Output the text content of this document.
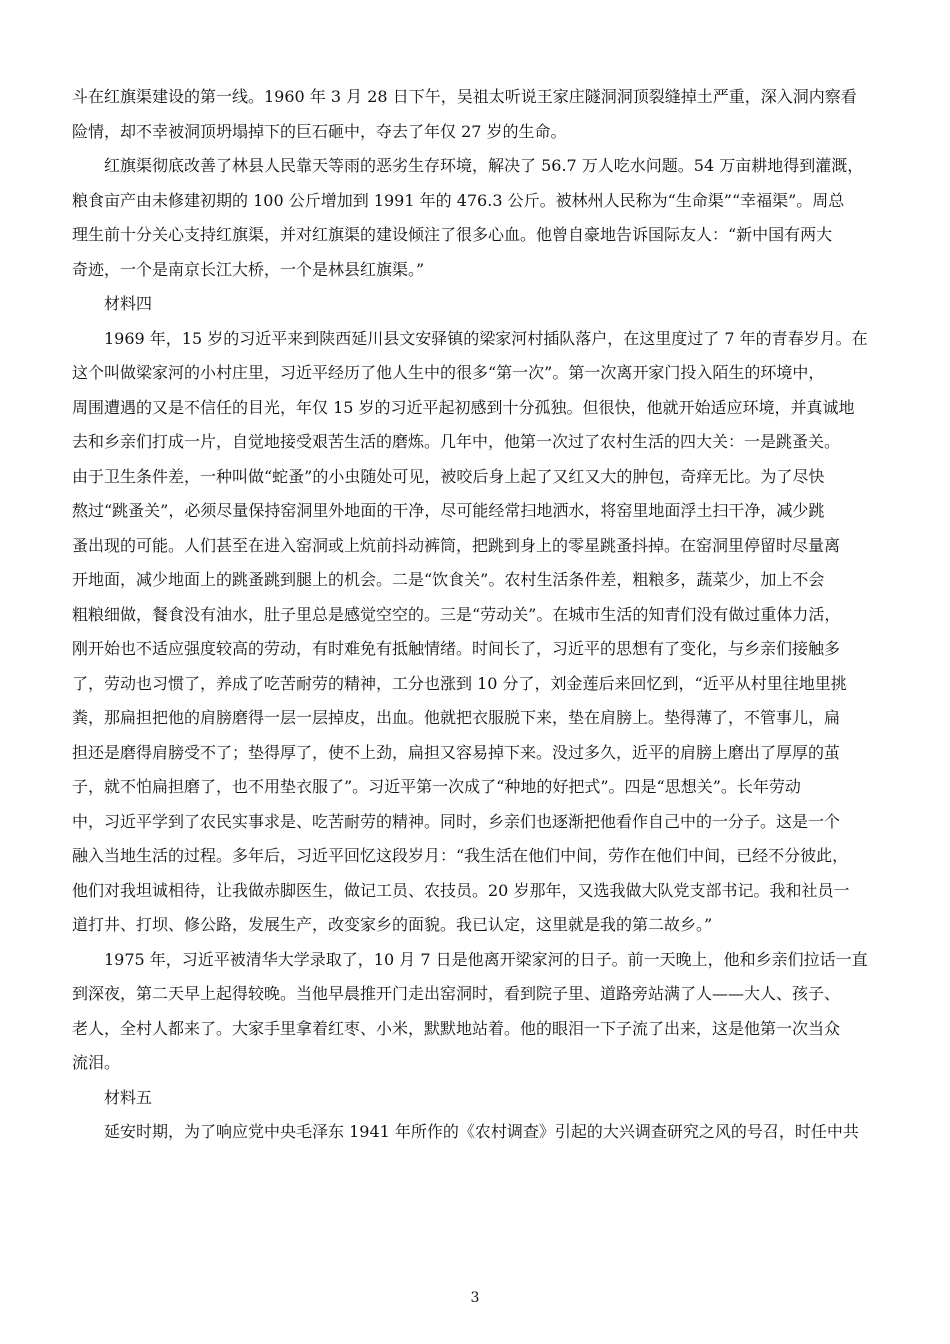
斗在红旗渠建设的第一线。1960 年 3 月 28 日下午，吴祖太听说王家庄隧洞洞顶裂缝掉土严重，深入洞内察看
险情，却不幸被洞顶坍塌掉下的巨石砸中，夺去了年仅 27 岁的生命。
红旗渠彻底改善了林县人民靠天等雨的恶劣生存环境，解决了 56.7 万人吃水问题。54 万亩耕地得到灌溉，
粮食亩产由未修建初期的 100 公斤增加到 1991 年的 476.3 公斤。被林州人民称为“生命渠”“幸福渠”。周总
理生前十分关心支持红旗渠，并对红旗渠的建设倾注了很多心血。他曾自豪地告诉国际友人：“新中国有两大
奇迹，一个是南京长江大桥，一个是林县红旗渠。”
材料四
1969 年，15 岁的习近平来到陕西延川县文安驿镇的梁家河村插队落户，在这里度过了 7 年的青春岁月。在
这个叫做梁家河的小村庄里，习近平经历了他人生中的很多“第一次”。第一次离开家门投入陌生的环境中，
周围遭遇的又是不信任的目光，年仅 15 岁的习近平起初感到十分孤独。但很快，他就开始适应环境，并真诚地
去和乡亲们打成一片，自觉地接受艰苦生活的磨炼。几年中，他第一次过了农村生活的四大关：一是跳蚤关。
由于卫生条件差，一种叫做“蛇蚤”的小虫随处可见，被咬后身上起了又红又大的肿包，奇痒无比。为了尽快
熬过“跳蚤关”，必须尽量保持窑洞里外地面的干净，尽可能经常扫地洒水，将窑里地面浮土扫干净，减少跳
蚤出现的可能。人们甚至在进入窑洞或上炕前抖动裤筒，把跳到身上的零星跳蚤抖掉。在窑洞里停留时尽量离
开地面，减少地面上的跳蚤跳到腿上的机会。二是“饮食关”。农村生活条件差，粗粮多，蔬菜少，加上不会
粗粮细做，餐食没有油水，肚子里总是感觉空空的。三是“劳动关”。在城市生活的知青们没有做过重体力活，
刚开始也不适应强度较高的劳动，有时难免有抵触情绪。时间长了，习近平的思想有了变化，与乡亲们接触多
了，劳动也习惯了，养成了吃苦耐劳的精神，工分也涨到 10 分了，刘金莲后来回忆到，“近平从村里往地里挑
粪，那扁担把他的肩膀磨得一层一层掉皮，出血。他就把衣服脱下来，垫在肩膀上。垫得薄了，不管事儿，扁
担还是磨得肩膀受不了；垫得厚了，使不上劲，扁担又容易掉下来。没过多久，近平的肩膀上磨出了厚厚的茧
子，就不怕扁担磨了，也不用垫衣服了”。习近平第一次成了“种地的好把式”。四是“思想关”。长年劳动
中，习近平学到了农民实事求是、吃苦耐劳的精神。同时，乡亲们也逐渐把他看作自己中的一分子。这是一个
融入当地生活的过程。多年后，习近平回忆这段岁月：“我生活在他们中间，劳作在他们中间，已经不分彼此，
他们对我坦诚相待，让我做赤脚医生，做记工员、农技员。20 岁那年，又选我做大队党支部书记。我和社员一
道打井、打坝、修公路，发展生产，改变家乡的面貌。我已认定，这里就是我的第二故乡。”
1975 年，习近平被清华大学录取了，10 月 7 日是他离开梁家河的日子。前一天晚上，他和乡亲们拉话一直
到深夜，第二天早上起得较晚。当他早晨推开门走出窑洞时，看到院子里、道路旁站满了人——大人、孩子、
老人，全村人都来了。大家手里拿着红枣、小米，默默地站着。他的眼泪一下子流了出来，这是他第一次当众
流泪。
材料五
延安时期，为了响应党中央毛泽东 1941 年所作的《农村调查》引起的大兴调查研究之风的号召，时任中共
3
